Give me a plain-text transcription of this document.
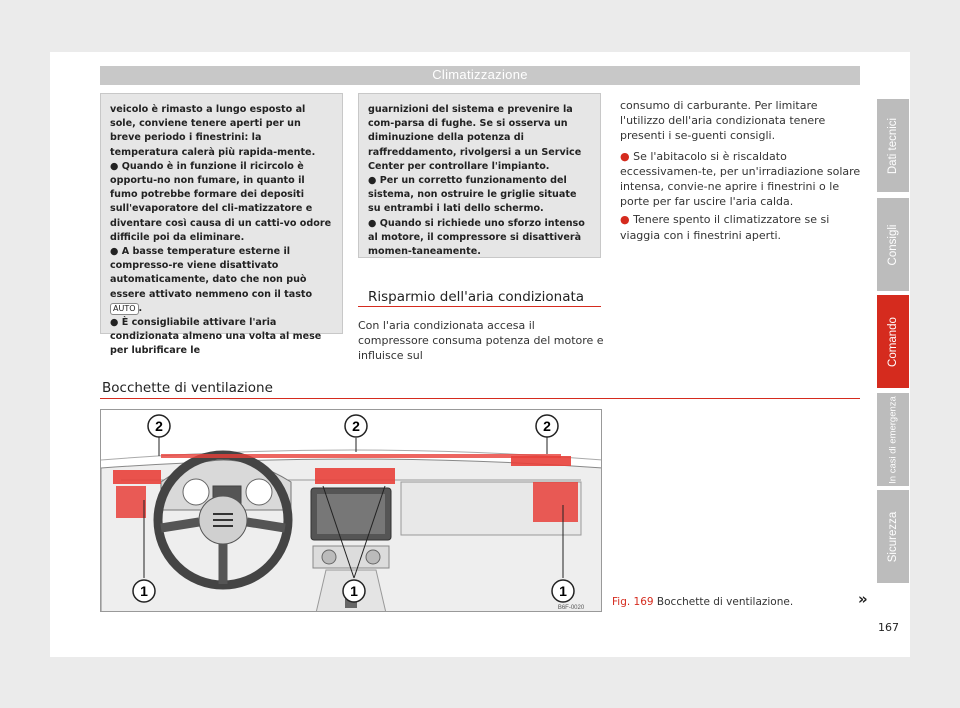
Climatizzazione

veicolo è rimasto a lungo esposto al sole, conviene tenere aperti per un breve periodo i finestrini: la temperatura calerà più rapida-mente.

● Quando è in funzione il ricircolo è opportu-no non fumare, in quanto il fumo potrebbe formare dei depositi sull'evaporatore del cli-matizzatore e diventare così causa di un catti-vo odore difficile poi da eliminare.

● A basse temperature esterne il compresso-re viene disattivato automaticamente, dato che non può essere attivato nemmeno con il tasto AUTO .

● È consigliabile attivare l'aria condizionata almeno una volta al mese per lubrificare le

guarnizioni del sistema e prevenire la com-parsa di fughe. Se si osserva un diminuzione della potenza di raffreddamento, rivolgersi a un Service Center per controllare l'impianto.

● Per un corretto funzionamento del sistema, non ostruire le griglie situate su entrambi i lati dello schermo.

● Quando si richiede uno sforzo intenso al motore, il compressore si disattiverà momen-taneamente.

Risparmio dell'aria condizionata

Con l'aria condizionata accesa il compressore consuma potenza del motore e influisce sul

consumo di carburante. Per limitare l'utilizzo dell'aria condizionata tenere presenti i se-guenti consigli.

● Se l'abitacolo si è riscaldato eccessivamen-te, per un'irradiazione solare intensa, convie-ne aprire i finestrini o le porte per far uscire l'aria calda.

● Tenere spento il climatizzatore se si viaggia con i finestrini aperti.

Bocchette di ventilazione
2	2	2
1	1	1
B6F-0020	Fig. 169 Bocchette di ventilazione.	»
167
Dati tecnici
Consigli
Comando
In casi di emergenza
Sicurezza
